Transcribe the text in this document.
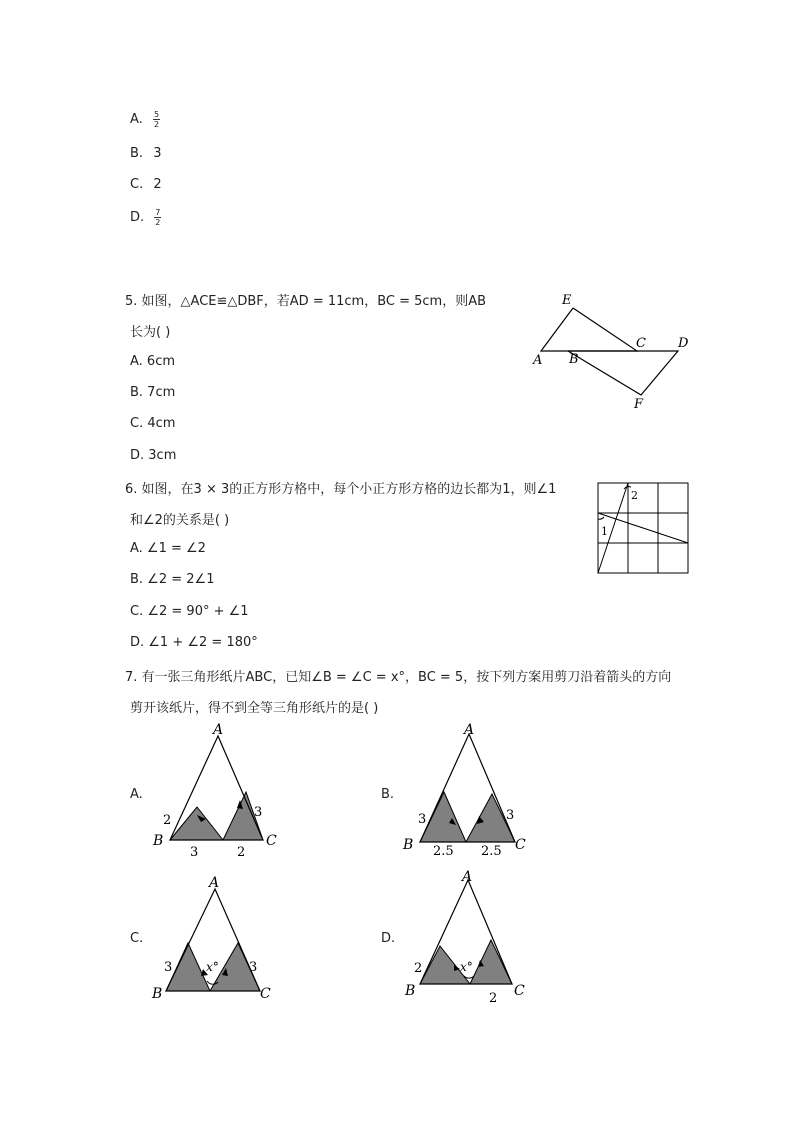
A. $\frac{5}{2}$
B. 3
C. 2
D. $\frac{7}{2}$
5. 如图，△ACE≌△DBF，若AD = 11cm，BC = 5cm，则AB
长为( )
A. 6cm
B. 7cm
C. 4cm
D. 3cm
E
C D
A B
F
6. 如图，在3 × 3的正方形方格中，每个小正方形方格的边长都为1，则∠1
和∠2的关系是( )
A. ∠1 = ∠2
B. ∠2 = 2∠1
C. ∠2 = 90° + ∠1
D. ∠1 + ∠2 = 180°
1
2
7. 有一张三角形纸片ABC，已知∠B = ∠C = x°，BC = 5，按下列方案用剪刀沿着箭头的方向
剪开该纸片，得不到全等三角形纸片的是( )
A.
A
B	C
2
3
3
2
B.
A
B	C
3	3
2.5 2.5
C.
A
B	C
x°
3	3
D.
A
B	C
x°
2
2
